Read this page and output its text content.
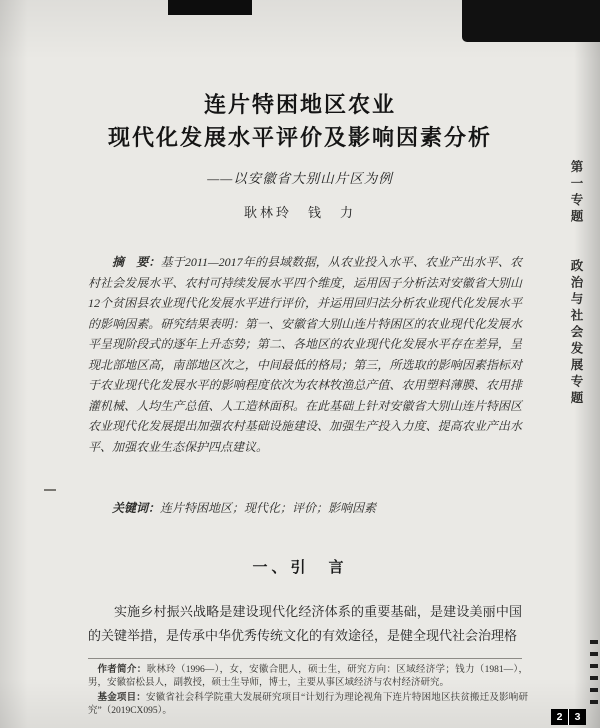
连片特困地区农业
现代化发展水平评价及影响因素分析
——以安徽省大别山片区为例
耿林玲　钱　力

摘　要：基于2011—2017年的县域数据，从农业投入水平、农业产出水平、农村社会发展水平、农村可持续发展水平四个维度，运用因子分析法对安徽省大别山12个贫困县农业现代化发展水平进行评价，并运用回归法分析农业现代化发展水平的影响因素。研究结果表明：第一、安徽省大别山连片特困区的农业现代化发展水平呈现阶段式的逐年上升态势；第二、各地区的农业现代化发展水平存在差异，呈现北部地区高，南部地区次之，中间最低的格局；第三，所选取的影响因素指标对于农业现代化发展水平的影响程度依次为农林牧渔总产值、农用塑料薄膜、农用排灌机械、人均生产总值、人工造林面积。在此基础上针对安徽省大别山连片特困区农业现代化发展提出加强农村基础设施建设、加强生产投入力度、提高农业产出水平、加强农业生态保护四点建议。

关键词：连片特困地区；现代化；评价；影响因素

一、引　言

实施乡村振兴战略是建设现代化经济体系的重要基础，是建设美丽中国的关键举措，是传承中华优秀传统文化的有效途径，是健全现代社会治理格

作者简介：耿林玲（1996—），女，安徽合肥人，硕士生，研究方向：区域经济学；钱力（1981—），男，安徽宿松县人，副教授，硕士生导师，博士，主要从事区域经济与农村经济研究。

基金项目：安徽省社会科学院重大发展研究项目“计划行为理论视角下连片特困地区扶贫搬迁及影响研究”（2019CX095）。

第一专题　　政治与社会发展专题
2	3
